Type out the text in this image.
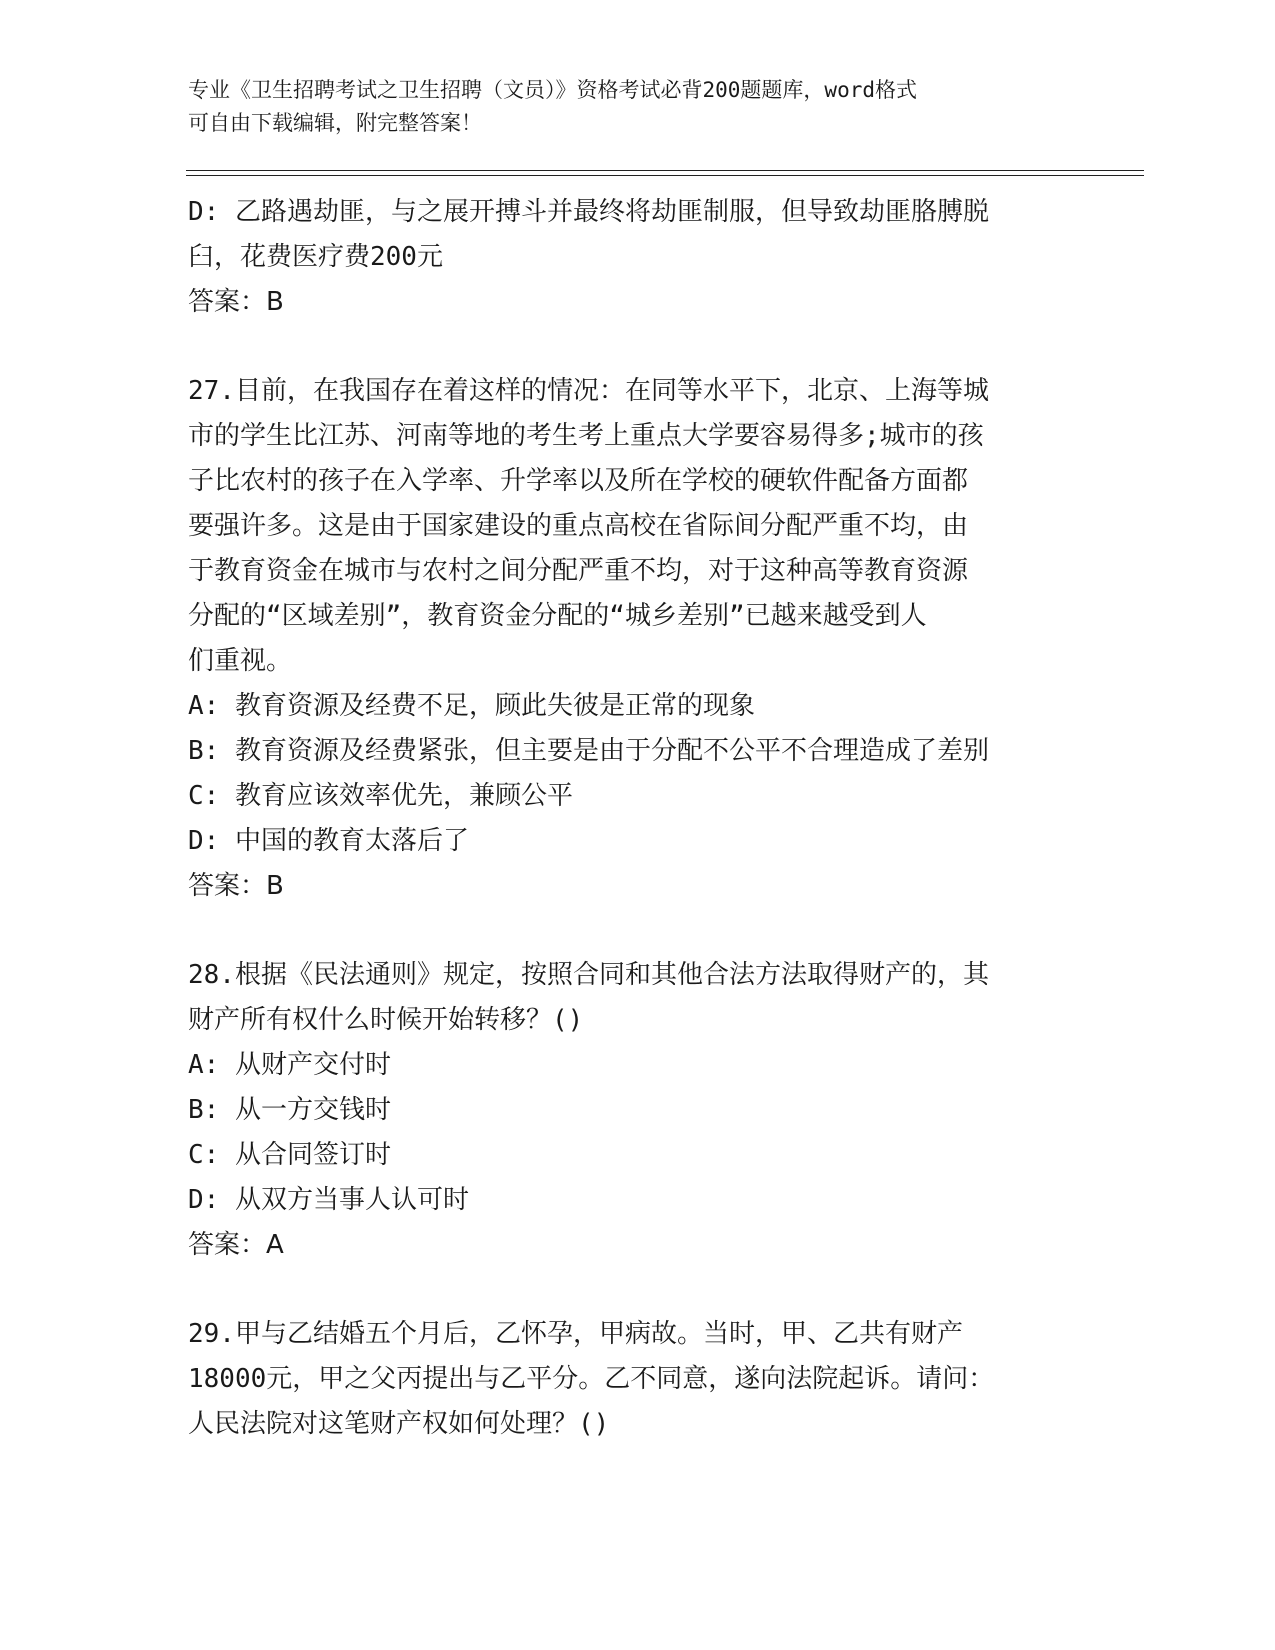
专业《卫生招聘考试之卫生招聘（文员）》资格考试必背200题题库，word格式
可自由下载编辑，附完整答案！
D: 乙路遇劫匪，与之展开搏斗并最终将劫匪制服，但导致劫匪胳膊脱
臼，花费医疗费200元
答案：B
27.目前，在我国存在着这样的情况：在同等水平下，北京、上海等城
市的学生比江苏、河南等地的考生考上重点大学要容易得多;城市的孩
子比农村的孩子在入学率、升学率以及所在学校的硬软件配备方面都
要强许多。这是由于国家建设的重点高校在省际间分配严重不均，由
于教育资金在城市与农村之间分配严重不均，对于这种高等教育资源
分配的“区域差别”，教育资金分配的“城乡差别”已越来越受到人
们重视。
A: 教育资源及经费不足，顾此失彼是正常的现象
B: 教育资源及经费紧张，但主要是由于分配不公平不合理造成了差别
C: 教育应该效率优先，兼顾公平
D: 中国的教育太落后了
答案：B
28.根据《民法通则》规定，按照合同和其他合法方法取得财产的，其
财产所有权什么时候开始转移？()
A: 从财产交付时
B: 从一方交钱时
C: 从合同签订时
D: 从双方当事人认可时
答案：A
29.甲与乙结婚五个月后，乙怀孕，甲病故。当时，甲、乙共有财产
18000元，甲之父丙提出与乙平分。乙不同意，遂向法院起诉。请问：
人民法院对这笔财产权如何处理？()
